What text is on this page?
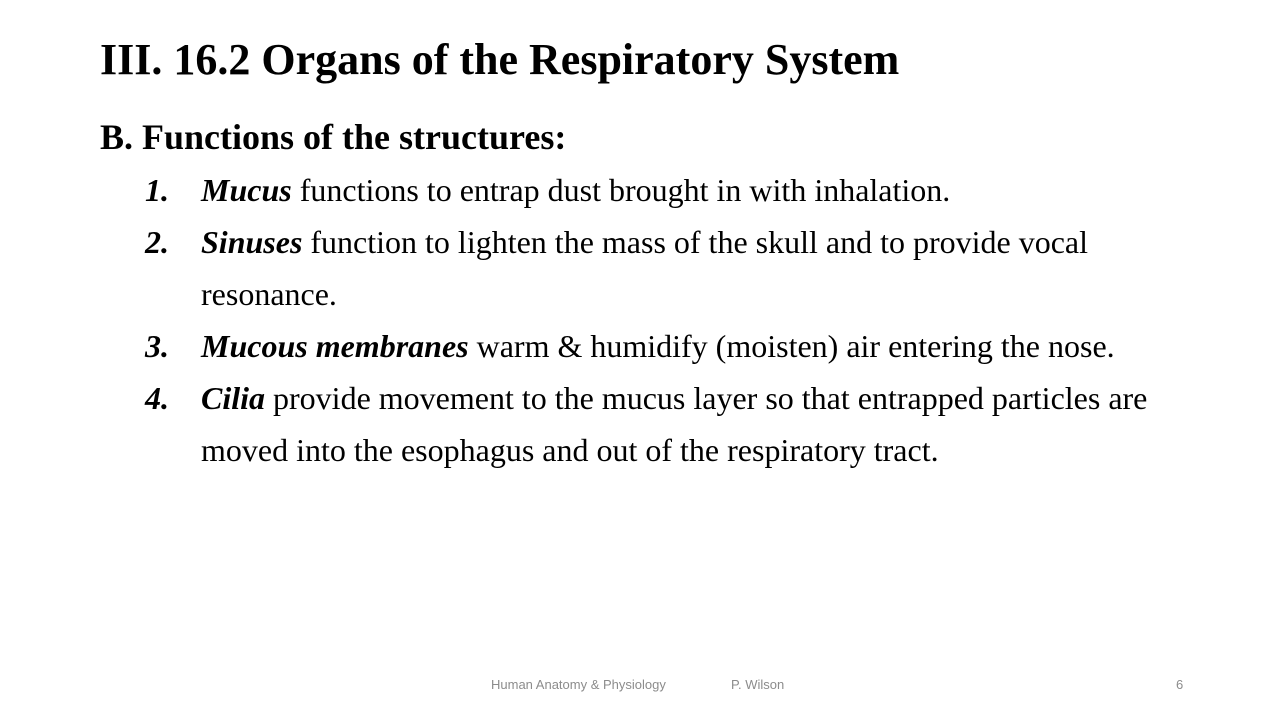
III. 16.2 Organs of the Respiratory System
B. Functions of the structures:
1.	Mucus functions to entrap dust brought in with inhalation.
2.	Sinuses function to lighten the mass of the skull and to provide vocal resonance.
3.	Mucous membranes warm & humidify (moisten) air entering the nose.
4.	Cilia provide movement to the mucus layer so that entrapped particles are moved into the esophagus and out of the respiratory tract.
Human Anatomy & Physiology	P. Wilson	6
